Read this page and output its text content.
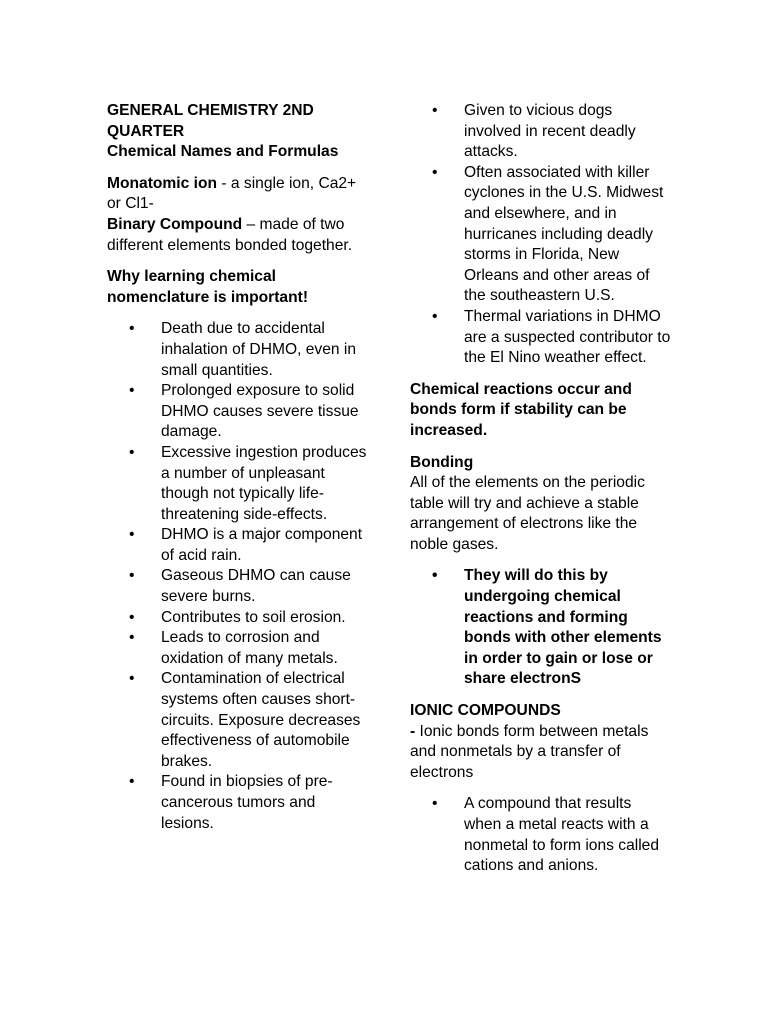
GENERAL CHEMISTRY 2ND QUARTER

Chemical Names and Formulas

Monatomic ion - a single ion, Ca2+ or Cl1-

Binary Compound – made of two different elements bonded together.

Why learning chemical nomenclature is important!

• Death due to accidental inhalation of DHMO, even in small quantities.
• Prolonged exposure to solid DHMO causes severe tissue damage.
• Excessive ingestion produces a number of unpleasant though not typically life-threatening side-effects.
• DHMO is a major component of acid rain.
• Gaseous DHMO can cause severe burns.
• Contributes to soil erosion.
• Leads to corrosion and oxidation of many metals.
• Contamination of electrical systems often causes short-circuits. Exposure decreases effectiveness of automobile brakes.
• Found in biopsies of pre-cancerous tumors and lesions.
• Given to vicious dogs involved in recent deadly attacks.
• Often associated with killer cyclones in the U.S. Midwest and elsewhere, and in hurricanes including deadly storms in Florida, New Orleans and other areas of the southeastern U.S.
• Thermal variations in DHMO are a suspected contributor to the El Nino weather effect.

Chemical reactions occur and bonds form if stability can be increased.

Bonding

All of the elements on the periodic table will try and achieve a stable arrangement of electrons like the noble gases.

• They will do this by undergoing chemical reactions and forming bonds with other elements in order to gain or lose or share electronS

IONIC COMPOUNDS

- Ionic bonds form between metals and nonmetals by a transfer of electrons

• A compound that results when a metal reacts with a nonmetal to form ions called cations and anions.
